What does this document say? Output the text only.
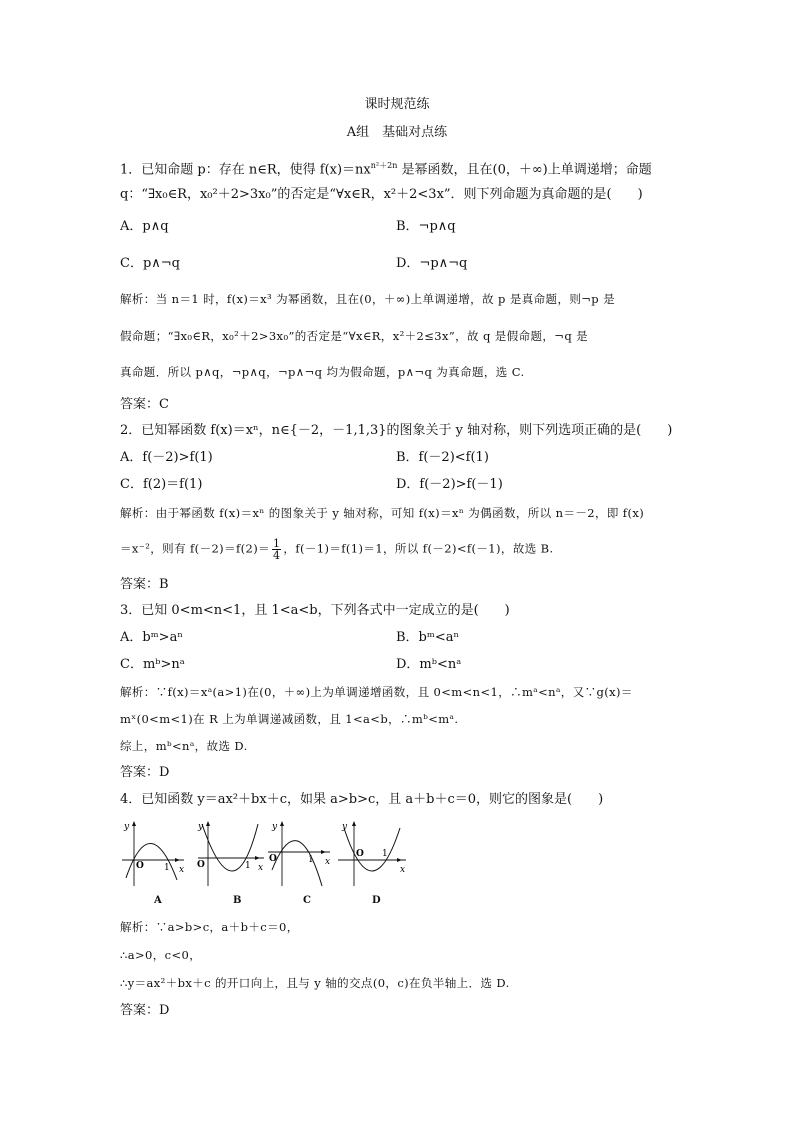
课时规范练
A组　基础对点练
1．已知命题 p：存在 n∈R，使得 $f(x)=nx^{n^2+2n}$ 是幂函数，且在(0，＋∞)上单调递增；命题
q：“∃x₀∈R，x₀²＋2>3x₀”的否定是“∀x∈R，x²＋2<3x”．则下列命题为真命题的是(　　)
A．p∧q	B．¬p∧q
C．p∧¬q	D．¬p∧¬q
解析：当 n＝1 时，f(x)＝x³ 为幂函数，且在(0，＋∞)上单调递增，故 p 是真命题，则¬p 是
假命题；“∃x₀∈R，x₀²＋2>3x₀”的否定是“∀x∈R，x²＋2≤3x”，故 q 是假命题，¬q 是
真命题．所以 p∧q，¬p∧q，¬p∧¬q 均为假命题，p∧¬q 为真命题，选 C.
答案：C
2．已知幂函数 f(x)＝xⁿ，n∈{－2，－1,1,3}的图象关于 y 轴对称，则下列选项正确的是(　　)
A．f(－2)>f(1)	B．f(－2)<f(1)
C．f(2)＝f(1)	D．f(－2)>f(－1)
解析：由于幂函数 f(x)＝xⁿ 的图象关于 y 轴对称，可知 f(x)＝xⁿ 为偶函数，所以 n＝－2，即 f(x)
＝x⁻²，则有 $f(-2)=f(2)= \frac{1}{4}$ ，f(－1)＝f(1)＝1，所以 f(－2)<f(－1)，故选 B.
答案：B
3．已知 0<m<n<1，且 1<a<b，下列各式中一定成立的是(　　)
A．bᵐ>aⁿ	B．bᵐ<aⁿ
C．mᵇ>nᵃ	D．mᵇ<nᵃ
解析：∵f(x)＝xᵃ(a>1)在(0，＋∞)上为单调递增函数，且 0<m<n<1，∴mᵃ<nᵃ，又∵g(x)＝
mˣ(0<m<1)在 R 上为单调递减函数，且 1<a<b，∴mᵇ<mᵃ.
综上，mᵇ<nᵃ，故选 D.
答案：D
4．已知函数 y＝ax²＋bx＋c，如果 a>b>c，且 a＋b＋c＝0，则它的图象是(　　)
O 1
y
x
A
O	1
y
x
B
O	1
y
x
C
O 1
y
x
D
解析：∵a>b>c，a＋b＋c＝0，
∴a>0，c<0，
∴y＝ax²＋bx＋c 的开口向上，且与 y 轴的交点(0，c)在负半轴上．选 D.
答案：D
